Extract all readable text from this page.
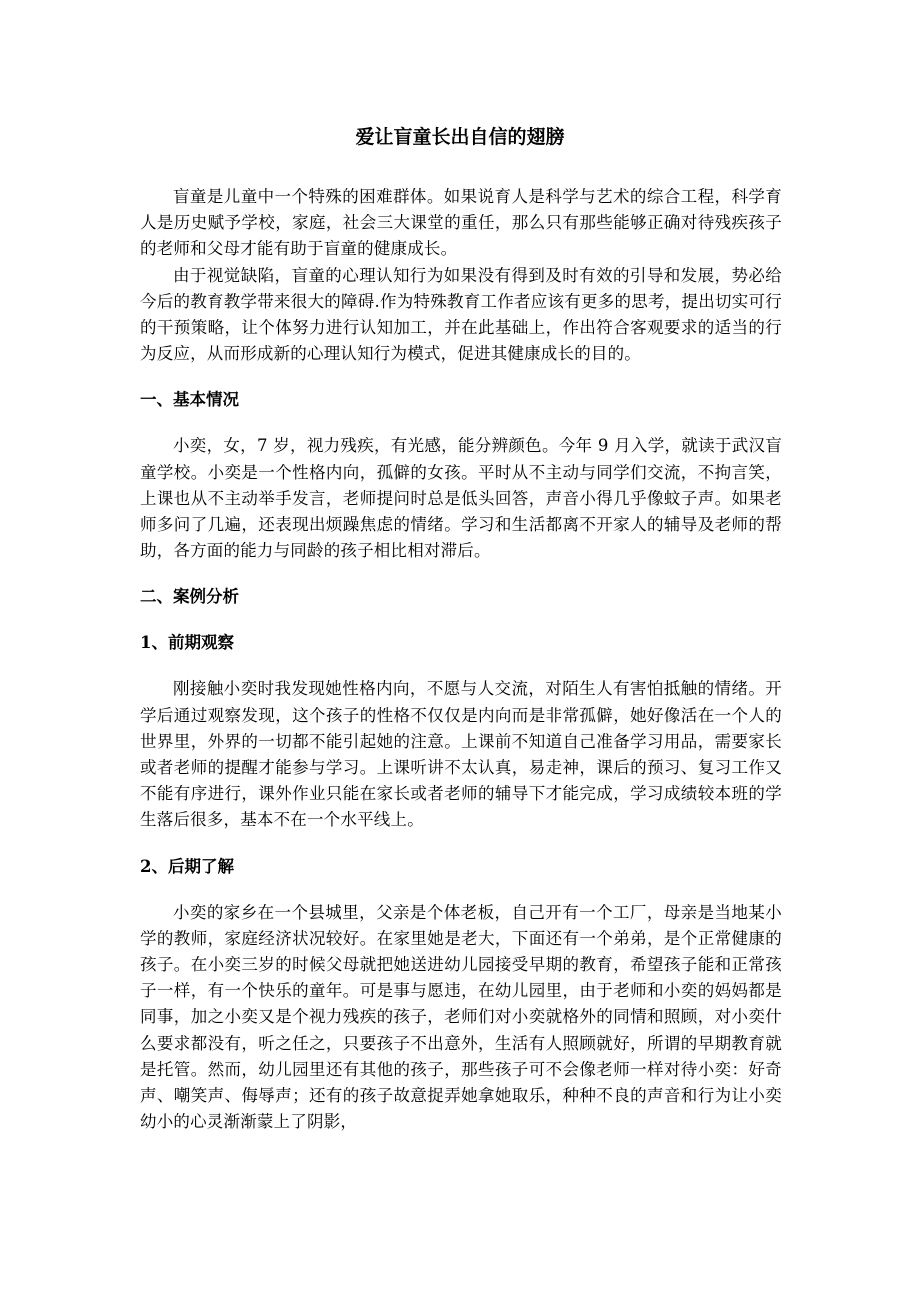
爱让盲童长出自信的翅膀

盲童是儿童中一个特殊的困难群体。如果说育人是科学与艺术的综合工程，科学育人是历史赋予学校，家庭，社会三大课堂的重任，那么只有那些能够正确对待残疾孩子的老师和父母才能有助于盲童的健康成长。

由于视觉缺陷，盲童的心理认知行为如果没有得到及时有效的引导和发展，势必给今后的教育教学带来很大的障碍.作为特殊教育工作者应该有更多的思考，提出切实可行的干预策略，让个体努力进行认知加工，并在此基础上，作出符合客观要求的适当的行为反应，从而形成新的心理认知行为模式，促进其健康成长的目的。

一、基本情况

小奕，女，7 岁，视力残疾，有光感，能分辨颜色。今年 9 月入学，就读于武汉盲童学校。小奕是一个性格内向，孤僻的女孩。平时从不主动与同学们交流，不拘言笑，上课也从不主动举手发言，老师提问时总是低头回答，声音小得几乎像蚊子声。如果老师多问了几遍，还表现出烦躁焦虑的情绪。学习和生活都离不开家人的辅导及老师的帮助，各方面的能力与同龄的孩子相比相对滞后。

二、案例分析

1、前期观察

刚接触小奕时我发现她性格内向，不愿与人交流，对陌生人有害怕抵触的情绪。开学后通过观察发现，这个孩子的性格不仅仅是内向而是非常孤僻，她好像活在一个人的世界里，外界的一切都不能引起她的注意。上课前不知道自己准备学习用品，需要家长或者老师的提醒才能参与学习。上课听讲不太认真，易走神，课后的预习、复习工作又不能有序进行，课外作业只能在家长或者老师的辅导下才能完成，学习成绩较本班的学生落后很多，基本不在一个水平线上。

2、后期了解

小奕的家乡在一个县城里，父亲是个体老板，自己开有一个工厂，母亲是当地某小学的教师，家庭经济状况较好。在家里她是老大，下面还有一个弟弟，是个正常健康的孩子。在小奕三岁的时候父母就把她送进幼儿园接受早期的教育，希望孩子能和正常孩子一样，有一个快乐的童年。可是事与愿违，在幼儿园里，由于老师和小奕的妈妈都是同事，加之小奕又是个视力残疾的孩子，老师们对小奕就格外的同情和照顾，对小奕什么要求都没有，听之任之，只要孩子不出意外，生活有人照顾就好，所谓的早期教育就是托管。然而，幼儿园里还有其他的孩子，那些孩子可不会像老师一样对待小奕：好奇声、嘲笑声、侮辱声；还有的孩子故意捉弄她拿她取乐，种种不良的声音和行为让小奕幼小的心灵渐渐蒙上了阴影，
